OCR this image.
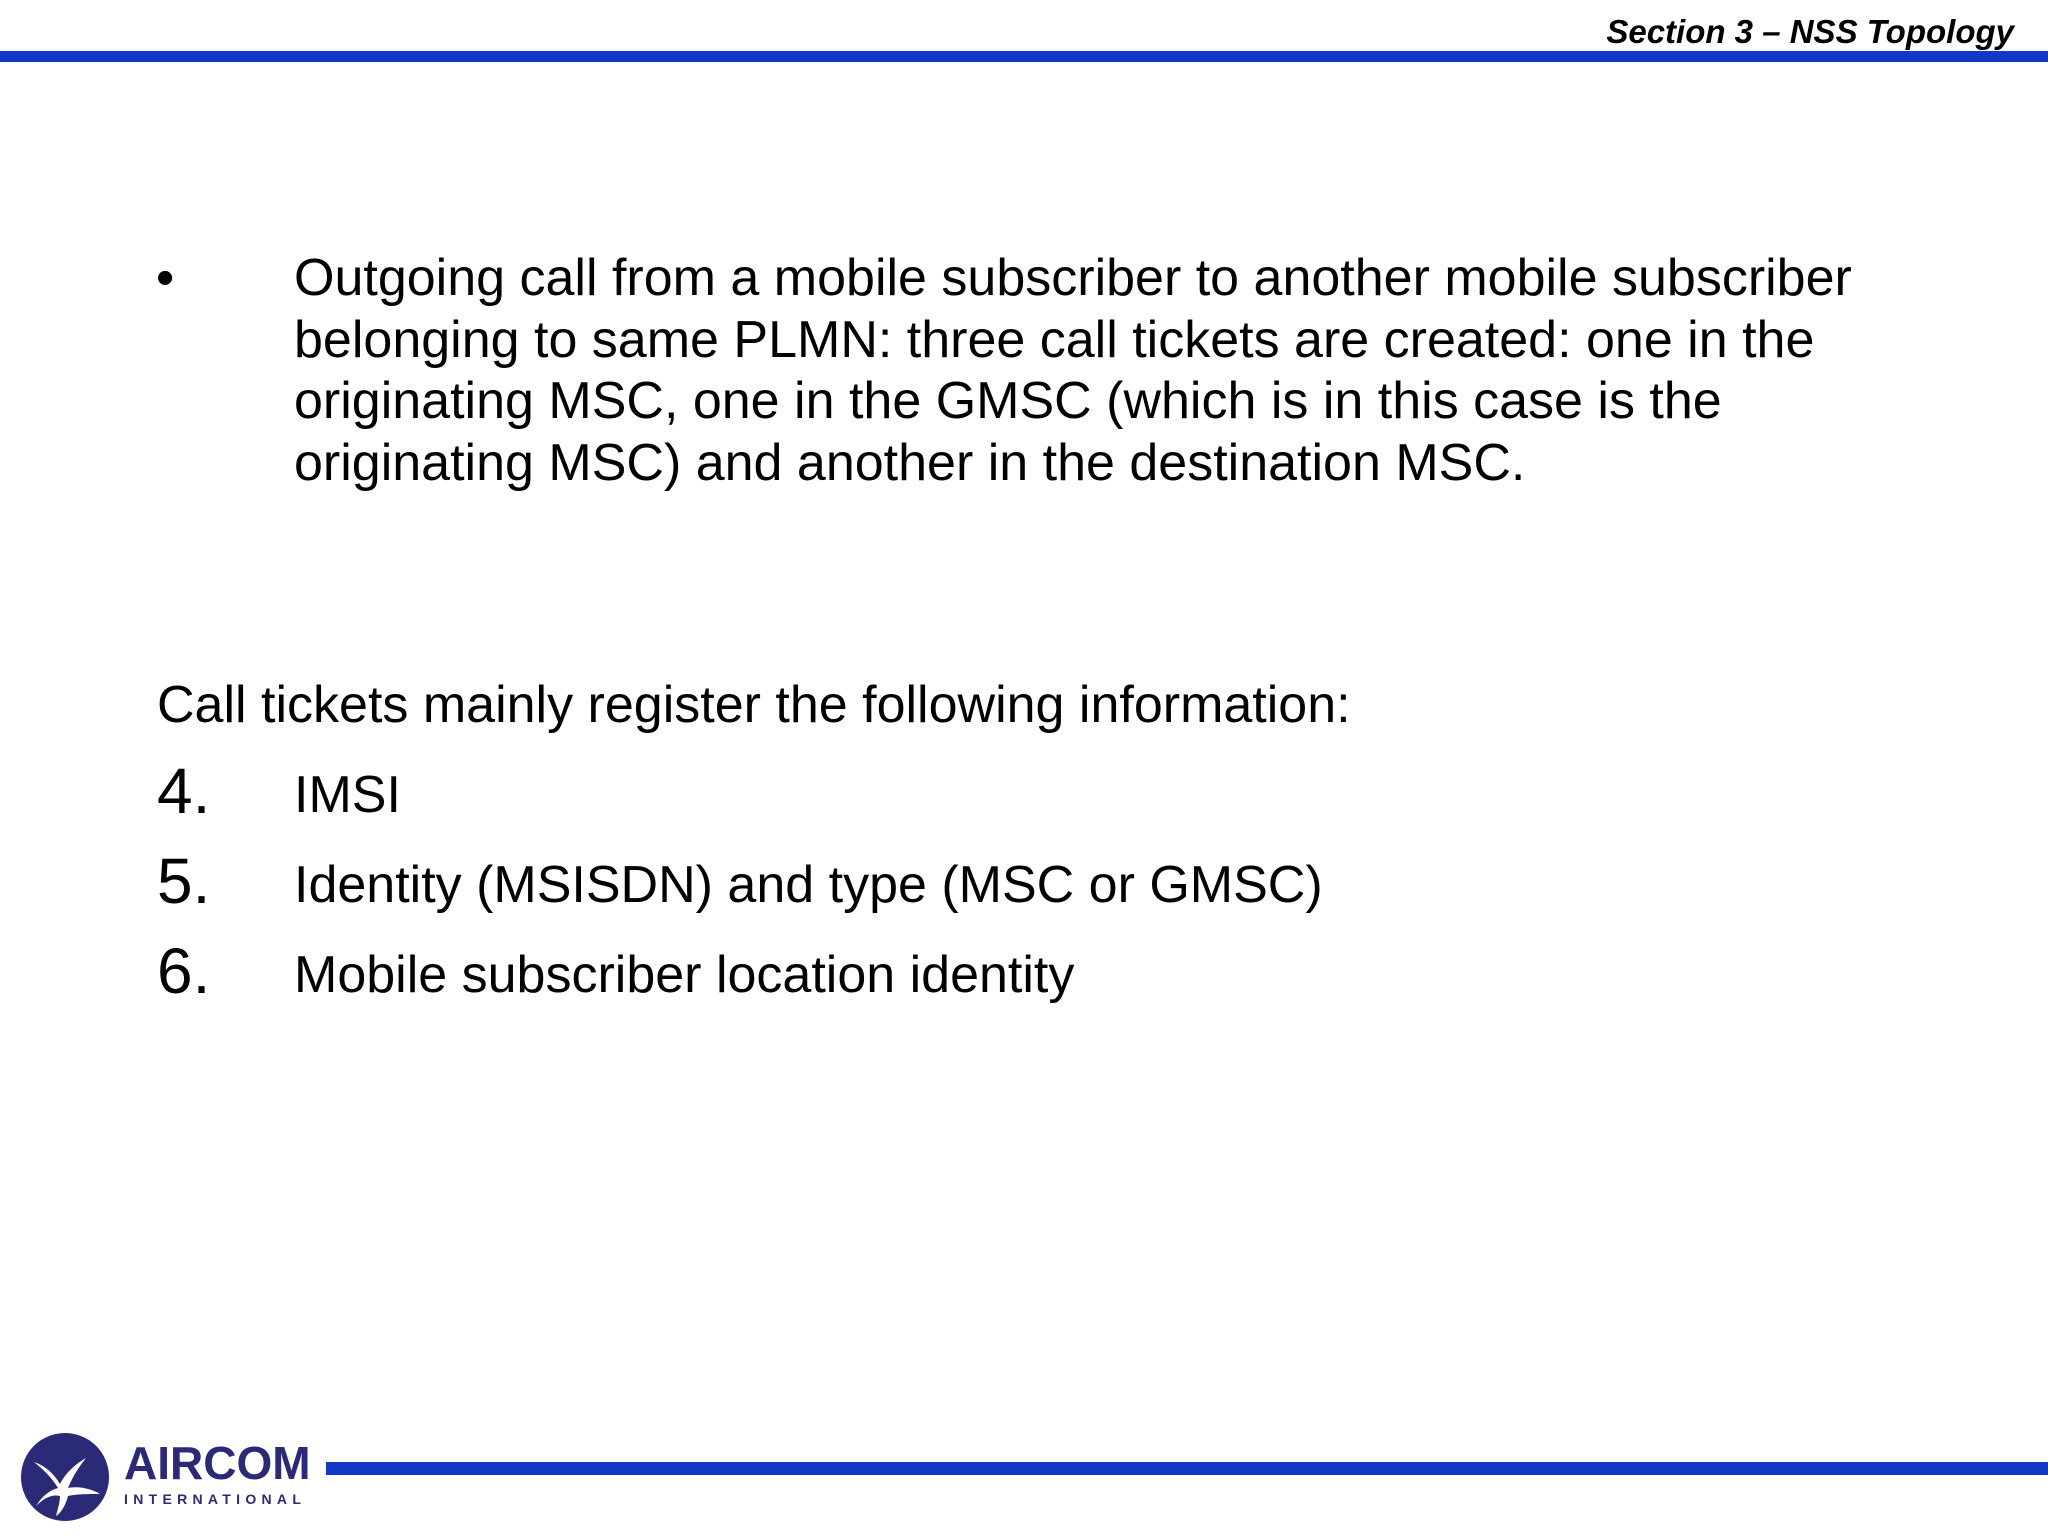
Section 3 – NSS Topology
• Outgoing call from a mobile subscriber to another mobile subscriber belonging to same PLMN: three call tickets are created: one in the originating MSC, one in the GMSC (which is in this case is the originating MSC) and another in the destination MSC.
Call tickets mainly register the following information:
4. IMSI
5. Identity (MSISDN) and type (MSC or GMSC)
6. Mobile subscriber location identity
AIRCOM
INTERNATIONAL
